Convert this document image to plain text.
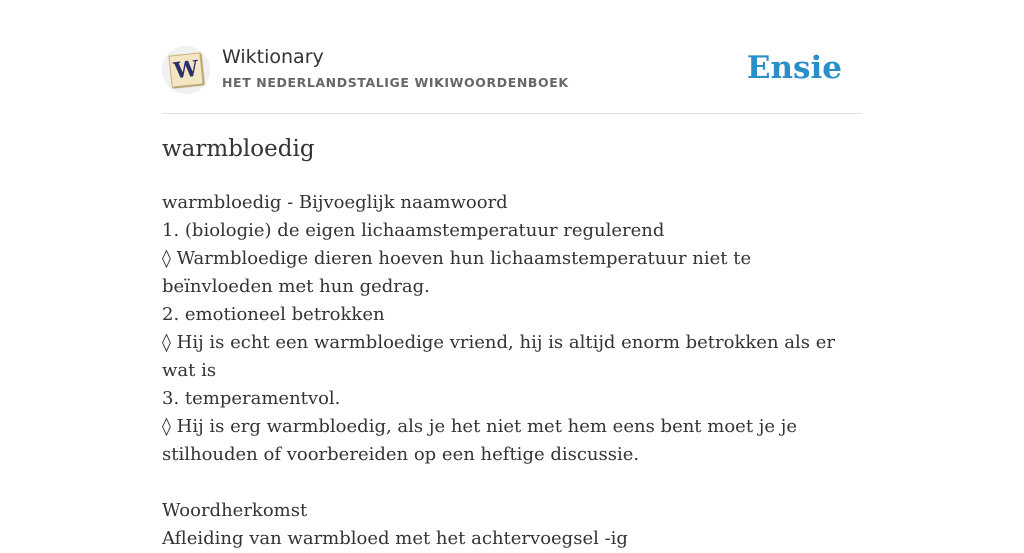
W Wiktionary
HET NEDERLANDSTALIGE WIKIWOORDENBOEK	Ensie
warmbloedig

warmbloedig - Bijvoeglijk naamwoord

1. (biologie) de eigen lichaamstemperatuur regulerend

◊ Warmbloedige dieren hoeven hun lichaamstemperatuur niet te beïnvloeden met hun gedrag.

2. emotioneel betrokken

◊ Hij is echt een warmbloedige vriend, hij is altijd enorm betrokken als er wat is

3. temperamentvol.

◊ Hij is erg warmbloedig, als je het niet met hem eens bent moet je je stilhouden of voorbereiden op een heftige discussie.

Woordherkomst

Afleiding van warmbloed met het achtervoegsel -ig
